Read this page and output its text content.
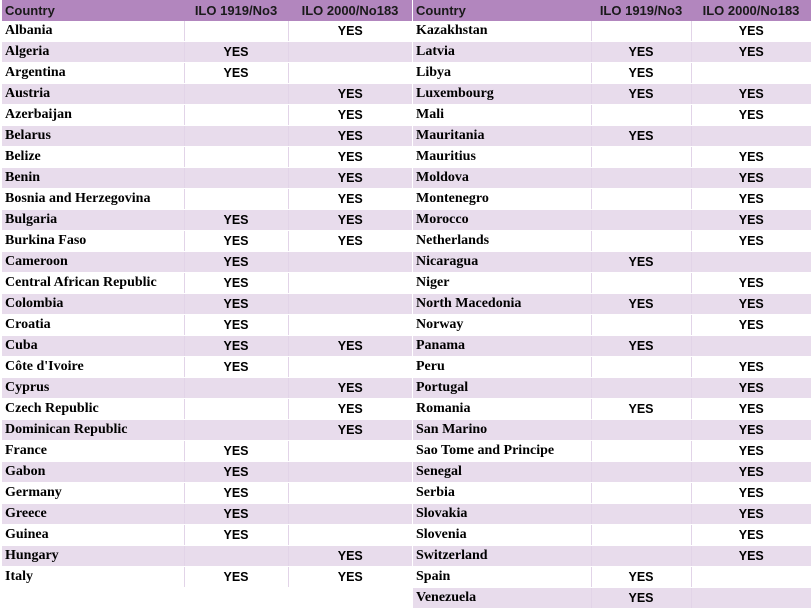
Country	ILO 1919/No3	ILO 2000/No183
Albania		YES
Algeria	YES	
Argentina	YES	
Austria		YES
Azerbaijan		YES
Belarus		YES
Belize		YES
Benin		YES
Bosnia and Herzegovina		YES
Bulgaria	YES	YES
Burkina Faso	YES	YES
Cameroon	YES	
Central African Republic	YES	
Colombia	YES	
Croatia	YES	
Cuba	YES	YES
Côte d'Ivoire	YES	
Cyprus		YES
Czech Republic		YES
Dominican Republic		YES
France	YES	
Gabon	YES	
Germany	YES	
Greece	YES	
Guinea	YES	
Hungary		YES
Italy	YES	YES
Country	ILO 1919/No3	ILO 2000/No183
Kazakhstan		YES
Latvia	YES	YES
Libya	YES	
Luxembourg	YES	YES
Mali		YES
Mauritania	YES	
Mauritius		YES
Moldova		YES
Montenegro		YES
Morocco		YES
Netherlands		YES
Nicaragua	YES	
Niger		YES
North Macedonia	YES	YES
Norway		YES
Panama	YES	
Peru		YES
Portugal		YES
Romania	YES	YES
San Marino		YES
Sao Tome and Principe		YES
Senegal		YES
Serbia		YES
Slovakia		YES
Slovenia		YES
Switzerland		YES
Spain	YES	
Venezuela	YES	
